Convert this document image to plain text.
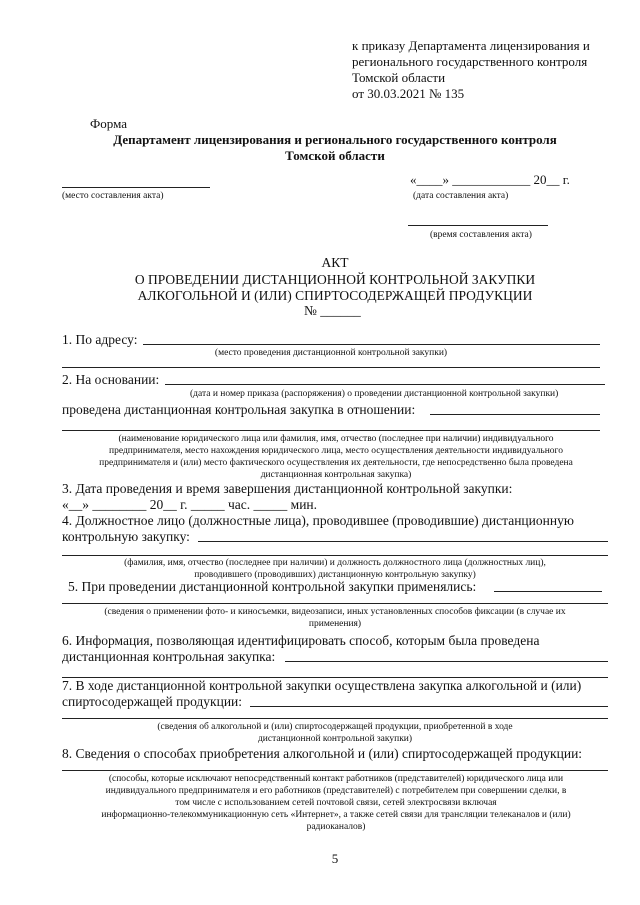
к приказу Департамента лицензирования и
регионального государственного контроля
Томской области
от 30.03.2021 № 135
Форма
Департамент лицензирования и регионального государственного контроля
Томской области
(место составления акта)
«____» ____________ 20__ г.
(дата составления акта)
(время составления акта)
АКТ
О ПРОВЕДЕНИИ ДИСТАНЦИОННОЙ КОНТРОЛЬНОЙ ЗАКУПКИ
АЛКОГОЛЬНОЙ И (ИЛИ) СПИРТОСОДЕРЖАЩЕЙ ПРОДУКЦИИ
№ ______
1. По адресу:
(место проведения дистанционной контрольной закупки)
2. На основании:
(дата и номер приказа (распоряжения) о проведении дистанционной контрольной закупки)
проведена дистанционная контрольная закупка в отношении:
(наименование юридического лица или фамилия, имя, отчество (последнее при наличии) индивидуального
предпринимателя, место нахождения юридического лица, место осуществления деятельности индивидуального
предпринимателя и (или) место фактического осуществления их деятельности, где непосредственно была проведена
дистанционная контрольная закупка)
3. Дата проведения и время завершения дистанционной контрольной закупки:
«__» ________ 20__ г. _____ час. _____ мин.
4. Должностное лицо (должностные лица), проводившее (проводившие) дистанционную
контрольную закупку:
(фамилия, имя, отчество (последнее при наличии) и должность должностного лица (должностных лиц),
проводившего (проводивших) дистанционную контрольную закупку)
5. При проведении дистанционной контрольной закупки применялись:
(сведения о применении фото- и киносъемки, видеозаписи, иных установленных способов фиксации (в случае их
применения)
6. Информация, позволяющая идентифицировать способ, которым была проведена
дистанционная контрольная закупка:
7. В ходе дистанционной контрольной закупки осуществлена закупка алкогольной и (или)
спиртосодержащей продукции:
(сведения об алкогольной и (или) спиртосодержащей продукции, приобретенной в ходе
дистанционной контрольной закупки)
8. Сведения о способах приобретения алкогольной и (или) спиртосодержащей продукции:
(способы, которые исключают непосредственный контакт работников (представителей) юридического лица или
индивидуального предпринимателя и его работников (представителей) с потребителем при совершении сделки, в
том числе с использованием сетей почтовой связи, сетей электросвязи включая
информационно-телекоммуникационную сеть «Интернет», а также сетей связи для трансляции телеканалов и (или)
радиоканалов)
5
